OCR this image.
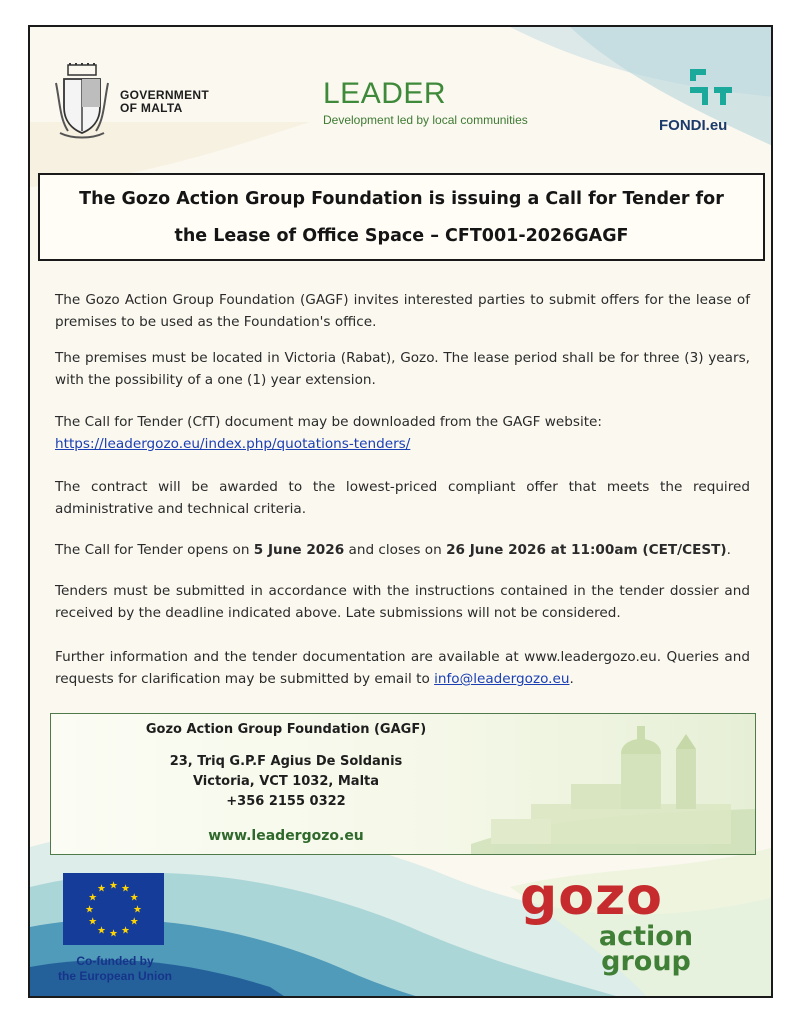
GOVERNMENT
OF MALTA	LEADER
Development led by local communities	FONDI.eu

The Gozo Action Group Foundation is issuing a Call for Tender for

the Lease of Office Space – CFT001-2026GAGF

The Gozo Action Group Foundation (GAGF) invites interested parties to submit offers for the lease of premises to be used as the Foundation's office.

The premises must be located in Victoria (Rabat), Gozo. The lease period shall be for three (3) years, with the possibility of a one (1) year extension.

The Call for Tender (CfT) document may be downloaded from the GAGF website:
https://leadergozo.eu/index.php/quotations-tenders/

The contract will be awarded to the lowest-priced compliant offer that meets the required administrative and technical criteria.

The Call for Tender opens on 5 June 2026 and closes on 26 June 2026 at 11:00am (CET/CEST).

Tenders must be submitted in accordance with the instructions contained in the tender dossier and received by the deadline indicated above. Late submissions will not be considered.

Further information and the tender documentation are available at www.leadergozo.eu. Queries and requests for clarification may be submitted by email to info@leadergozo.eu.

Gozo Action Group Foundation (GAGF)
23, Triq G.P.F Agius De Soldanis
Victoria, VCT 1032, Malta
+356 2155 0322
www.leadergozo.eu
★
★
★
★
★
★
★
★
★ ★ ★
★
Co-funded by
the European Union
gozo
action
group
